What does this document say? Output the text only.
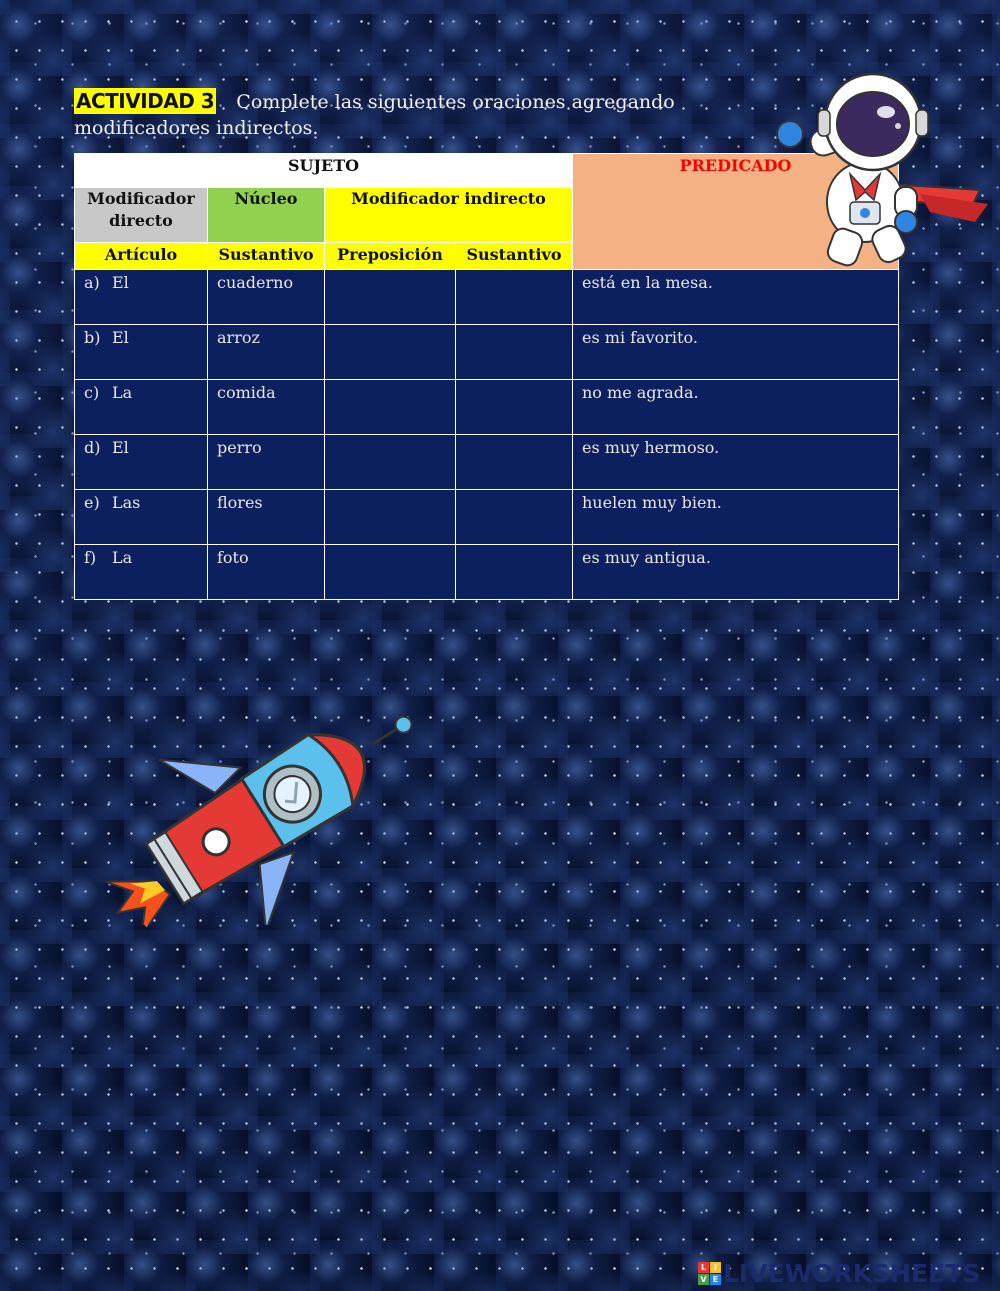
ACTIVIDAD 3 Complete las siguientes oraciones agregando modificadores indirectos.
SUJETO				PREDICADO
Modificador directo	Núcleo	Modificador indirecto		
Artículo	Sustantivo	Preposición	Sustantivo	

a) El	cuaderno			está en la mesa.

b) El	arroz			es mi favorito.

c) La	comida			no me agrada.

d) El	perro			es muy hermoso.

e) Las	flores			huelen muy bien.

f) La	foto			es muy antigua.
L I
V E LIVEWORKSHEETS
